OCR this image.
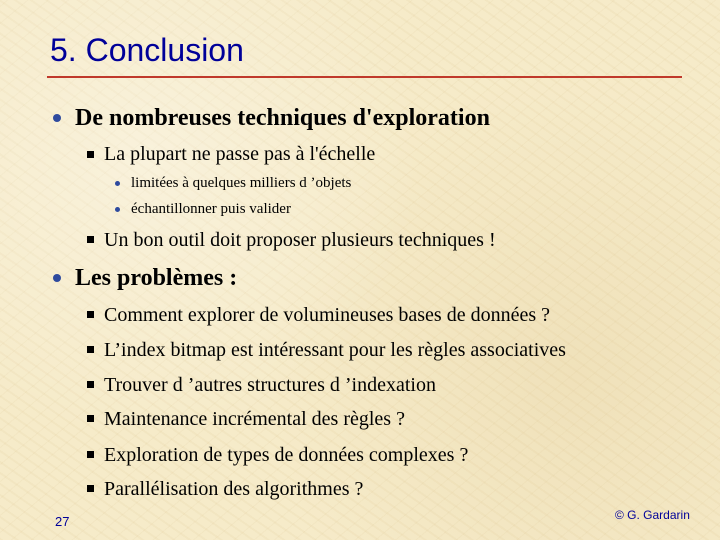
5. Conclusion
De nombreuses techniques d'exploration
La plupart ne passe pas à l'échelle
limitées à quelques milliers d ’objets
échantillonner puis valider
Un bon outil doit proposer plusieurs techniques !
Les problèmes :
Comment explorer de volumineuses bases de données ?
L’index bitmap est intéressant pour les règles associatives
Trouver d ’autres structures d ’indexation
Maintenance incrémental des règles ?
Exploration de types de données complexes ?
Parallélisation des algorithmes ?
27	© G. Gardarin
